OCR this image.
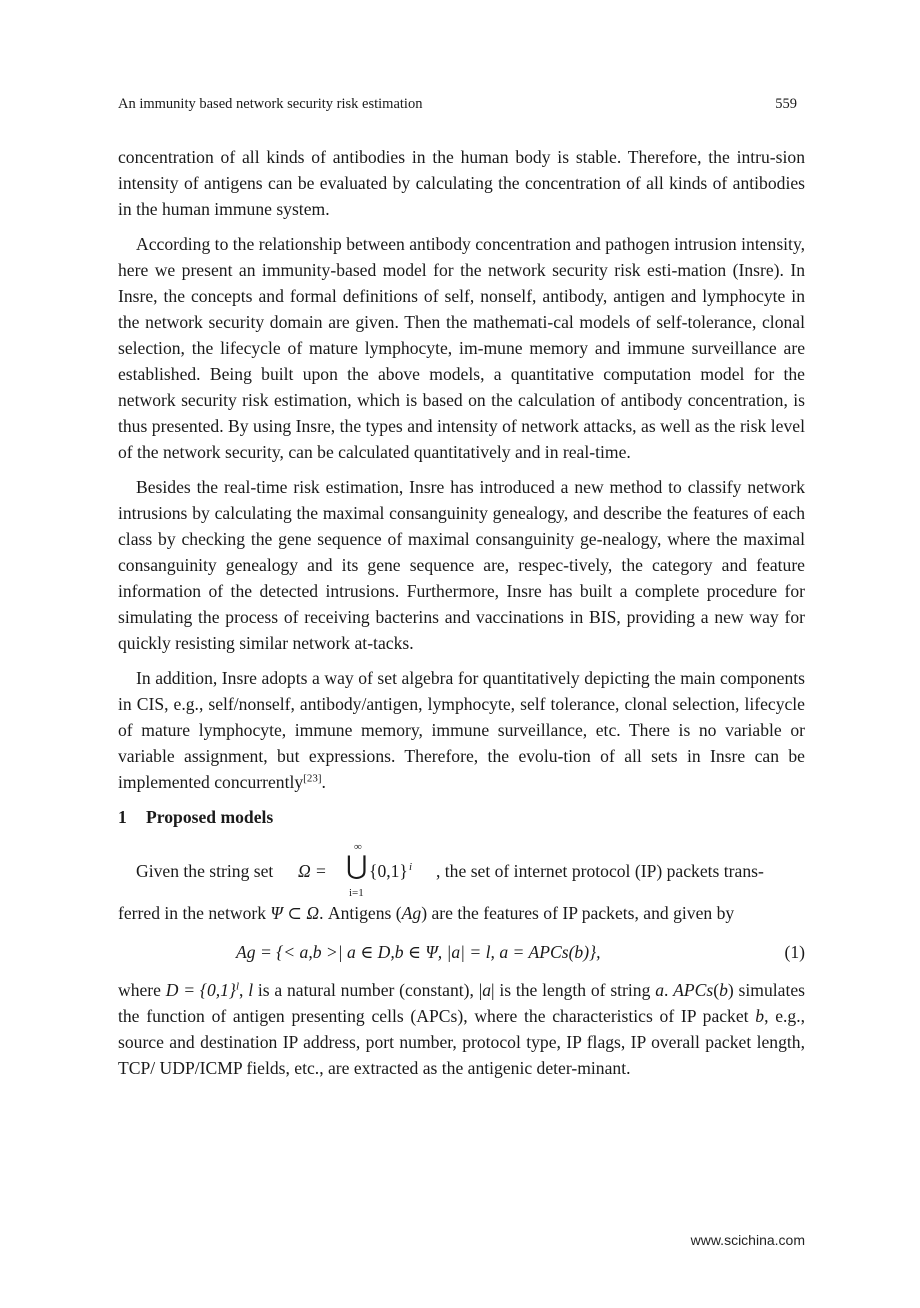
An immunity based network security risk estimation	559

concentration of all kinds of antibodies in the human body is stable. Therefore, the intru-sion intensity of antigens can be evaluated by calculating the concentration of all kinds of antibodies in the human immune system.

According to the relationship between antibody concentration and pathogen intrusion intensity, here we present an immunity-based model for the network security risk esti-mation (Insre). In Insre, the concepts and formal definitions of self, nonself, antibody, antigen and lymphocyte in the network security domain are given. Then the mathemati-cal models of self-tolerance, clonal selection, the lifecycle of mature lymphocyte, im-mune memory and immune surveillance are established. Being built upon the above models, a quantitative computation model for the network security risk estimation, which is based on the calculation of antibody concentration, is thus presented. By using Insre, the types and intensity of network attacks, as well as the risk level of the network security, can be calculated quantitatively and in real-time.

Besides the real-time risk estimation, Insre has introduced a new method to classify network intrusions by calculating the maximal consanguinity genealogy, and describe the features of each class by checking the gene sequence of maximal consanguinity ge-nealogy, where the maximal consanguinity genealogy and its gene sequence are, respec-tively, the category and feature information of the detected intrusions. Furthermore, Insre has built a complete procedure for simulating the process of receiving bacterins and vaccinations in BIS, providing a new way for quickly resisting similar network at-tacks.

In addition, Insre adopts a way of set algebra for quantitatively depicting the main components in CIS, e.g., self/nonself, antibody/antigen, lymphocyte, self tolerance, clonal selection, lifecycle of mature lymphocyte, immune memory, immune surveillance, etc. There is no variable or variable assignment, but expressions. Therefore, the evolu-tion of all sets in Insre can be implemented concurrently[23].

1 Proposed models
Given the string set Ω =
∞
⋃ {0,1} i
i=1
, the set of internet protocol (IP) packets trans-

ferred in the network Ψ ⊂ Ω. Antigens (Ag) are the features of IP packets, and given by

Ag = {< a,b >| a ∈ D,b ∈ Ψ, |a| = l, a = APCs(b)},	(1)

where $D = \{0,1\}^l$, l is a natural number (constant), |a| is the length of string a. APCs(b) simulates the function of antigen presenting cells (APCs), where the characteristics of IP packet b, e.g., source and destination IP address, port number, protocol type, IP flags, IP overall packet length, TCP/ UDP/ICMP fields, etc., are extracted as the antigenic deter-minant.

www.scichina.com
